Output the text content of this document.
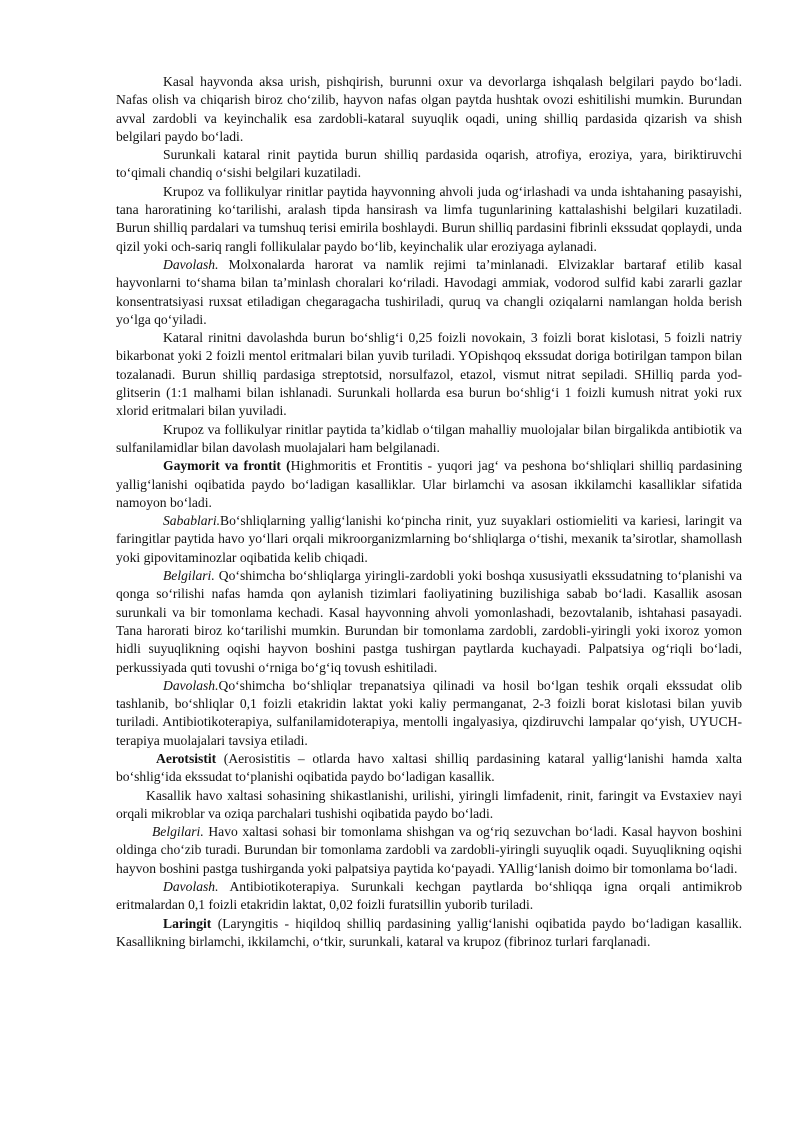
Kasal hayvonda aksa urish, pishqirish, burunni oxur va devorlarga ishqalash belgilari paydo bo‘ladi. Nafas olish va chiqarish biroz cho‘zilib, hayvon nafas olgan paytda hushtak ovozi eshitilishi mumkin. Burundan avval zardobli va keyinchalik esa zardobli-kataral suyuqlik oqadi, uning shilliq pardasida qizarish va shish belgilari paydo bo‘ladi.

Surunkali kataral rinit paytida burun shilliq pardasida oqarish, atrofiya, eroziya, yara, biriktiruvchi to‘qimali chandiq o‘sishi belgilari kuzatiladi.

Krupoz va follikulyar rinitlar paytida hayvonning ahvoli juda og‘irlashadi va unda ishtahaning pasayishi, tana haroratining ko‘tarilishi, aralash tipda hansirash va limfa tugunlarining kattalashishi belgilari kuzatiladi. Burun shilliq pardalari va tumshuq terisi emirila boshlaydi. Burun shilliq pardasini fibrinli ekssudat qoplaydi, unda qizil yoki och-sariq rangli follikulalar paydo bo‘lib, keyinchalik ular eroziyaga aylanadi.

Davolash. Molxonalarda harorat va namlik rejimi ta’minlanadi. Elvizaklar bartaraf etilib kasal hayvonlarni to‘shama bilan ta’minlash choralari ko‘riladi. Havodagi ammiak, vodorod sulfid kabi zararli gazlar konsentratsiyasi ruxsat etiladigan chegaragacha tushiriladi, quruq va changli oziqalarni namlangan holda berish yo‘lga qo‘yiladi.

Kataral rinitni davolashda burun bo‘shlig‘i 0,25 foizli novokain, 3 foizli borat kislotasi, 5 foizli natriy bikarbonat yoki 2 foizli mentol eritmalari bilan yuvib turiladi. YOpishqoq ekssudat doriga botirilgan tampon bilan tozalanadi. Burun shilliq pardasiga streptotsid, norsulfazol, etazol, vismut nitrat sepiladi. SHilliq parda yod-glitserin (1:1 malhami bilan ishlanadi. Surunkali hollarda esa burun bo‘shlig‘i 1 foizli kumush nitrat yoki rux xlorid eritmalari bilan yuviladi.

Krupoz va follikulyar rinitlar paytida ta’kidlab o‘tilgan mahalliy muolojalar bilan birgalikda antibiotik va sulfanilamidlar bilan davolash muolajalari ham belgilanadi.

Gaymorit va frontit (Highmoritis et Frontitis - yuqori jag‘ va peshona bo‘shliqlari shilliq pardasining yallig‘lanishi oqibatida paydo bo‘ladigan kasalliklar. Ular birlamchi va asosan ikkilamchi kasalliklar sifatida namoyon bo‘ladi.

Sabablari.Bo‘shliqlarning yallig‘lanishi ko‘pincha rinit, yuz suyaklari ostiomieliti va kariesi, laringit va faringitlar paytida havo yo‘llari orqali mikroorganizmlarning bo‘shliqlarga o‘tishi, mexanik ta’sirotlar, shamollash yoki gipovitaminozlar oqibatida kelib chiqadi.

Belgilari. Qo‘shimcha bo‘shliqlarga yiringli-zardobli yoki boshqa xususiyatli ekssudatning to‘planishi va qonga so‘rilishi nafas hamda qon aylanish tizimlari faoliyatining buzilishiga sabab bo‘ladi. Kasallik asosan surunkali va bir tomonlama kechadi. Kasal hayvonning ahvoli yomonlashadi, bezovtalanib, ishtahasi pasayadi. Tana harorati biroz ko‘tarilishi mumkin. Burundan bir tomonlama zardobli, zardobli-yiringli yoki ixoroz yomon hidli suyuqlikning oqishi hayvon boshini pastga tushirgan paytlarda kuchayadi. Palpatsiya og‘riqli bo‘ladi, perkussiyada quti tovushi o‘rniga bo‘g‘iq tovush eshitiladi.

Davolash.Qo‘shimcha bo‘shliqlar trepanatsiya qilinadi va hosil bo‘lgan teshik orqali ekssudat olib tashlanib, bo‘shliqlar 0,1 foizli etakridin laktat yoki kaliy permanganat, 2-3 foizli borat kislotasi bilan yuvib turiladi. Antibiotikoterapiya, sulfanilamidoterapiya, mentolli ingalyasiya, qizdiruvchi lampalar qo‘yish, UYUCH-terapiya muolajalari tavsiya etiladi.

Aerotsistit (Aerosistitis – otlarda havo xaltasi shilliq pardasining kataral yallig‘lanishi hamda xalta bo‘shlig‘ida ekssudat to‘planishi oqibatida paydo bo‘ladigan kasallik.

Kasallik havo xaltasi sohasining shikastlanishi, urilishi, yiringli limfadenit, rinit, faringit va Evstaxiev nayi orqali mikroblar va oziqa parchalari tushishi oqibatida paydo bo‘ladi.

Belgilari. Havo xaltasi sohasi bir tomonlama shishgan va og‘riq sezuvchan bo‘ladi. Kasal hayvon boshini oldinga cho‘zib turadi. Burundan bir tomonlama zardobli va zardobli-yiringli suyuqlik oqadi. Suyuqlikning oqishi hayvon boshini pastga tushirganda yoki palpatsiya paytida ko‘payadi. YAllig‘lanish doimo bir tomonlama bo‘ladi.

Davolash. Antibiotikoterapiya. Surunkali kechgan paytlarda bo‘shliqqa igna orqali antimikrob eritmalardan 0,1 foizli etakridin laktat, 0,02 foizli furatsillin yuborib turiladi.

Laringit (Laryngitis - hiqildoq shilliq pardasining yallig‘lanishi oqibatida paydo bo‘ladigan kasallik. Kasallikning birlamchi, ikkilamchi, o‘tkir, surunkali, kataral va krupoz (fibrinoz turlari farqlanadi.
